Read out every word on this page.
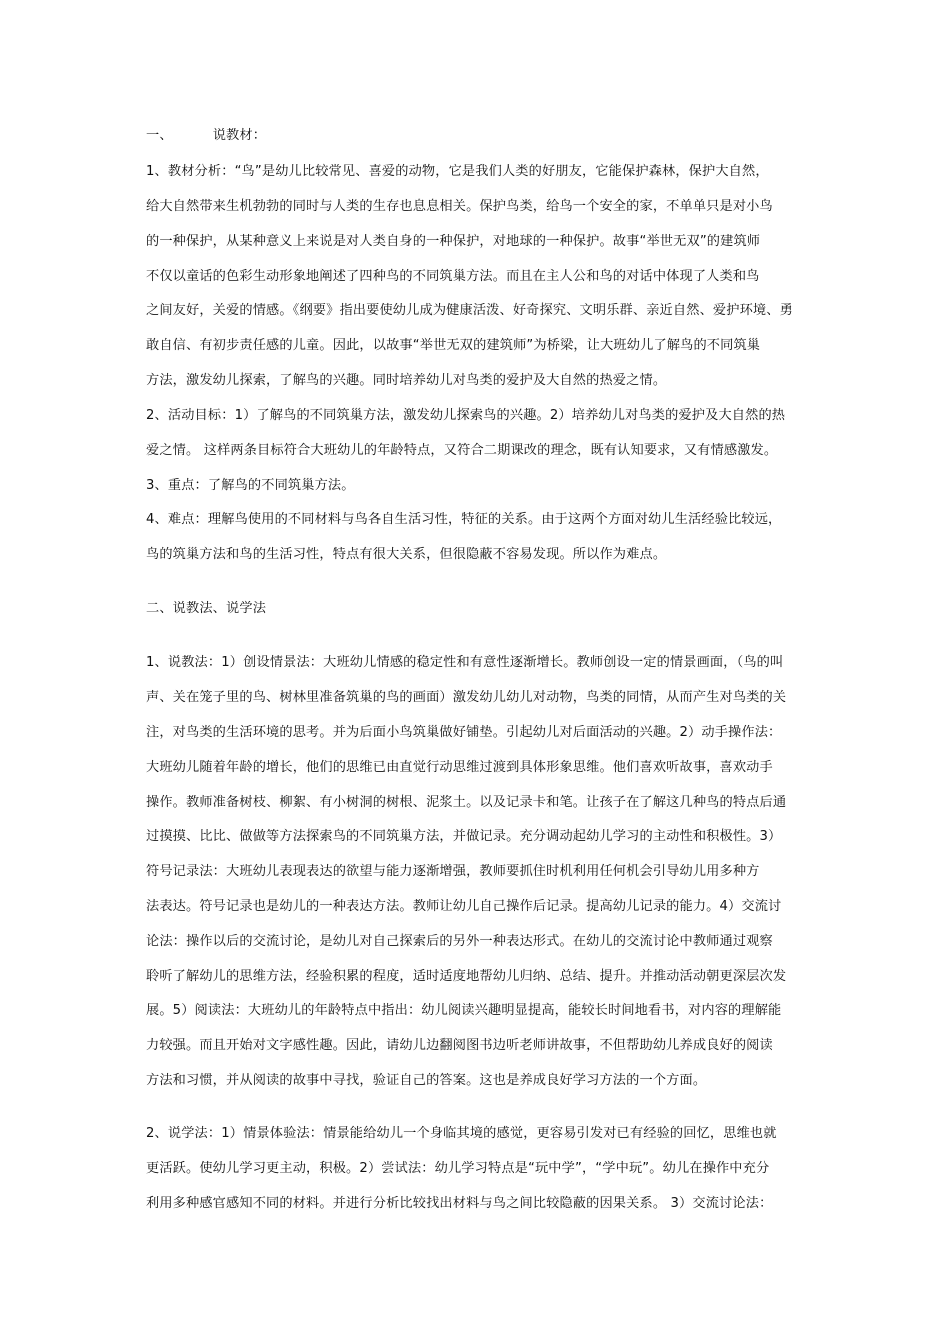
一、	说教材：
1、教材分析：“鸟”是幼儿比较常见、喜爱的动物，它是我们人类的好朋友，它能保护森林，保护大自然，
给大自然带来生机勃勃的同时与人类的生存也息息相关。保护鸟类，给鸟一个安全的家，不单单只是对小鸟
的一种保护，从某种意义上来说是对人类自身的一种保护，对地球的一种保护。故事“举世无双”的建筑师
不仅以童话的色彩生动形象地阐述了四种鸟的不同筑巢方法。而且在主人公和鸟的对话中体现了人类和鸟
之间友好，关爱的情感。《纲要》指出要使幼儿成为健康活泼、好奇探究、文明乐群、亲近自然、爱护环境、勇
敢自信、有初步责任感的儿童。因此，以故事“举世无双的建筑师”为桥梁，让大班幼儿了解鸟的不同筑巢
方法，激发幼儿探索，了解鸟的兴趣。同时培养幼儿对鸟类的爱护及大自然的热爱之情。
2、活动目标：1）了解鸟的不同筑巢方法，激发幼儿探索鸟的兴趣。2）培养幼儿对鸟类的爱护及大自然的热
爱之情。 这样两条目标符合大班幼儿的年龄特点，又符合二期课改的理念，既有认知要求，又有情感激发。
3、重点：了解鸟的不同筑巢方法。
4、难点：理解鸟使用的不同材料与鸟各自生活习性，特征的关系。由于这两个方面对幼儿生活经验比较远，
鸟的筑巢方法和鸟的生活习性，特点有很大关系，但很隐蔽不容易发现。所以作为难点。
二、说教法、说学法
1、说教法：1）创设情景法：大班幼儿情感的稳定性和有意性逐渐增长。教师创设一定的情景画面，（鸟的叫
声、关在笼子里的鸟、树林里准备筑巢的鸟的画面）激发幼儿幼儿对动物，鸟类的同情，从而产生对鸟类的关
注，对鸟类的生活环境的思考。并为后面小鸟筑巢做好铺垫。引起幼儿对后面活动的兴趣。2）动手操作法：
大班幼儿随着年龄的增长，他们的思维已由直觉行动思维过渡到具体形象思维。他们喜欢听故事，喜欢动手
操作。教师准备树枝、柳絮、有小树洞的树根、泥浆土。以及记录卡和笔。让孩子在了解这几种鸟的特点后通
过摸摸、比比、做做等方法探索鸟的不同筑巢方法，并做记录。充分调动起幼儿学习的主动性和积极性。3）
符号记录法：大班幼儿表现表达的欲望与能力逐渐增强，教师要抓住时机利用任何机会引导幼儿用多种方
法表达。符号记录也是幼儿的一种表达方法。教师让幼儿自己操作后记录。提高幼儿记录的能力。4）交流讨
论法：操作以后的交流讨论，是幼儿对自己探索后的另外一种表达形式。在幼儿的交流讨论中教师通过观察
聆听了解幼儿的思维方法，经验积累的程度，适时适度地帮幼儿归纳、总结、提升。并推动活动朝更深层次发
展。5）阅读法：大班幼儿的年龄特点中指出：幼儿阅读兴趣明显提高，能较长时间地看书，对内容的理解能
力较强。而且开始对文字感性趣。因此，请幼儿边翻阅图书边听老师讲故事，不但帮助幼儿养成良好的阅读
方法和习惯，并从阅读的故事中寻找，验证自己的答案。这也是养成良好学习方法的一个方面。
2、说学法：1）情景体验法：情景能给幼儿一个身临其境的感觉，更容易引发对已有经验的回忆，思维也就
更活跃。使幼儿学习更主动，积极。2）尝试法：幼儿学习特点是“玩中学”，“学中玩”。幼儿在操作中充分
利用多种感官感知不同的材料。并进行分析比较找出材料与鸟之间比较隐蔽的因果关系。 3）交流讨论法：
